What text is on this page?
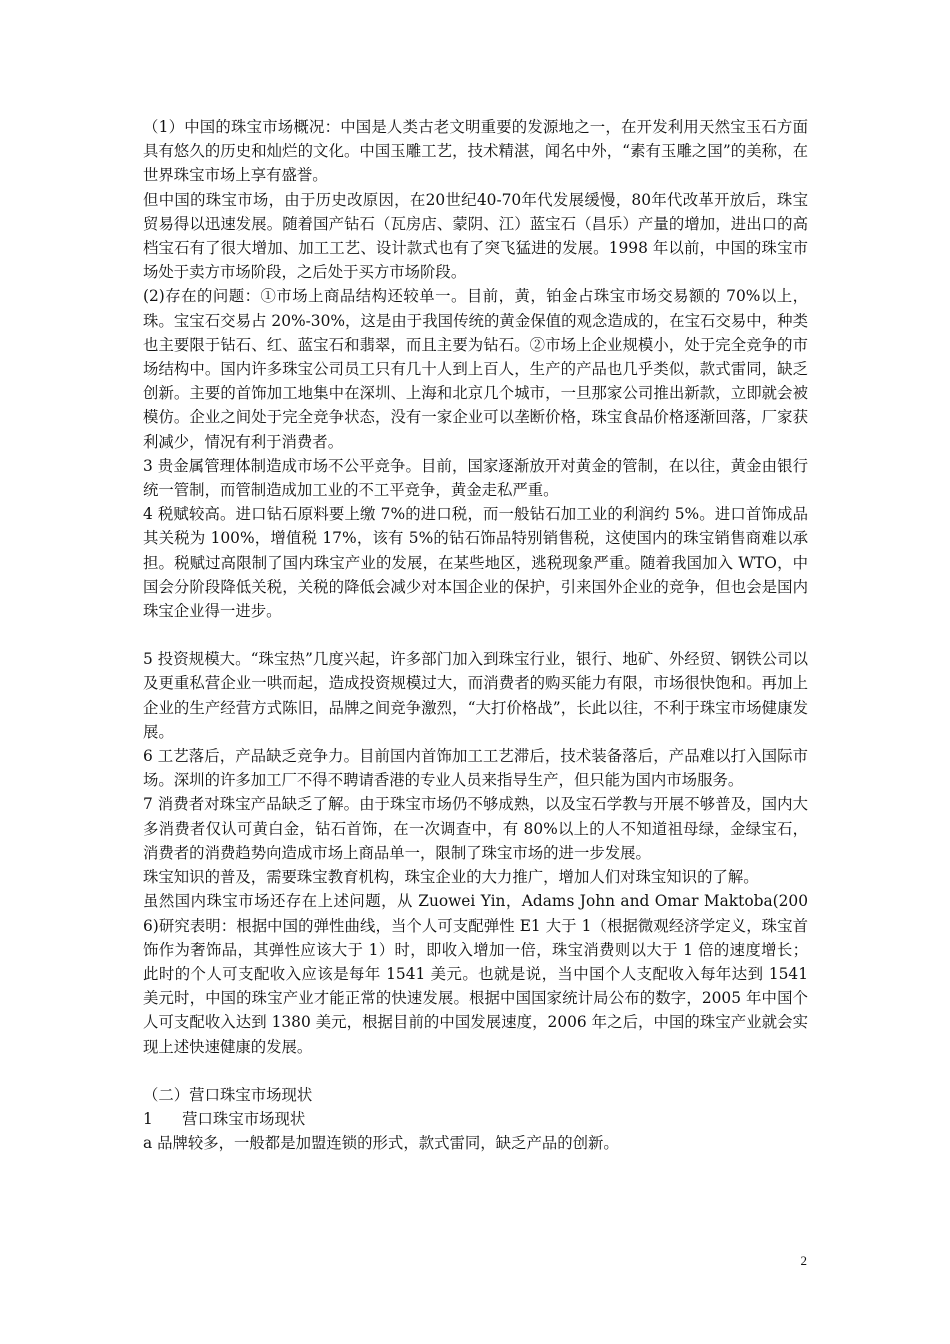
（1）中国的珠宝市场概况：中国是人类古老文明重要的发源地之一，在开发利用天然宝玉石方面具有悠久的历史和灿烂的文化。中国玉雕工艺，技术精湛，闻名中外，“素有玉雕之国”的美称，在世界珠宝市场上享有盛誉。

但中国的珠宝市场，由于历史改原因，在20世纪40-70年代发展缓慢，80年代改革开放后，珠宝贸易得以迅速发展。随着国产钻石（瓦房店、蒙阴、江）蓝宝石（昌乐）产量的增加，进出口的高档宝石有了很大增加、加工工艺、设计款式也有了突飞猛进的发展。1998 年以前，中国的珠宝市场处于卖方市场阶段，之后处于买方市场阶段。

(2)存在的问题：①市场上商品结构还较单一。目前，黄，铂金占珠宝市场交易额的 70%以上，珠。宝宝石交易占 20%-30%，这是由于我国传统的黄金保值的观念造成的，在宝石交易中，种类也主要限于钻石、红、蓝宝石和翡翠，而且主要为钻石。②市场上企业规模小，处于完全竞争的市场结构中。国内许多珠宝公司员工只有几十人到上百人，生产的产品也几乎类似，款式雷同，缺乏创新。主要的首饰加工地集中在深圳、上海和北京几个城市，一旦那家公司推出新款，立即就会被模仿。企业之间处于完全竞争状态，没有一家企业可以垄断价格，珠宝食品价格逐渐回落，厂家获利减少，情况有利于消费者。

3 贵金属管理体制造成市场不公平竞争。目前，国家逐渐放开对黄金的管制，在以往，黄金由银行统一管制，而管制造成加工业的不工平竞争，黄金走私严重。

4 税赋较高。进口钻石原料要上缴 7%的进口税，而一般钻石加工业的利润约 5%。进口首饰成品其关税为 100%，增值税 17%，该有 5%的钻石饰品特别销售税，这使国内的珠宝销售商难以承担。税赋过高限制了国内珠宝产业的发展，在某些地区，逃税现象严重。随着我国加入 WTO，中国会分阶段降低关税，关税的降低会减少对本国企业的保护，引来国外企业的竞争，但也会是国内珠宝企业得一进步。

5 投资规模大。“珠宝热”几度兴起，许多部门加入到珠宝行业，银行、地矿、外经贸、钢铁公司以及更重私营企业一哄而起，造成投资规模过大，而消费者的购买能力有限，市场很快饱和。再加上企业的生产经营方式陈旧，品牌之间竞争激烈，“大打价格战”，长此以往，不利于珠宝市场健康发展。

6 工艺落后，产品缺乏竞争力。目前国内首饰加工工艺滞后，技术装备落后，产品难以打入国际市场。深圳的许多加工厂不得不聘请香港的专业人员来指导生产，但只能为国内市场服务。

7 消费者对珠宝产品缺乏了解。由于珠宝市场仍不够成熟，以及宝石学教与开展不够普及，国内大多消费者仅认可黄白金，钻石首饰，在一次调查中，有 80%以上的人不知道祖母绿，金绿宝石，消费者的消费趋势向造成市场上商品单一，限制了珠宝市场的进一步发展。

珠宝知识的普及，需要珠宝教育机构，珠宝企业的大力推广，增加人们对珠宝知识的了解。

虽然国内珠宝市场还存在上述问题，从 Zuowei Yin，Adams John and Omar Maktoba(2006)研究表明：根据中国的弹性曲线，当个人可支配弹性 E1 大于 1（根据微观经济学定义，珠宝首饰作为奢饰品，其弹性应该大于 1）时，即收入增加一倍，珠宝消费则以大于 1 倍的速度增长；此时的个人可支配收入应该是每年 1541 美元。也就是说，当中国个人支配收入每年达到 1541 美元时，中国的珠宝产业才能正常的快速发展。根据中国国家统计局公布的数字，2005 年中国个人可支配收入达到 1380 美元，根据目前的中国发展速度，2006 年之后，中国的珠宝产业就会实现上述快速健康的发展。

（二）营口珠宝市场现状

1      营口珠宝市场现状

a 品牌较多，一般都是加盟连锁的形式，款式雷同，缺乏产品的创新。

2
